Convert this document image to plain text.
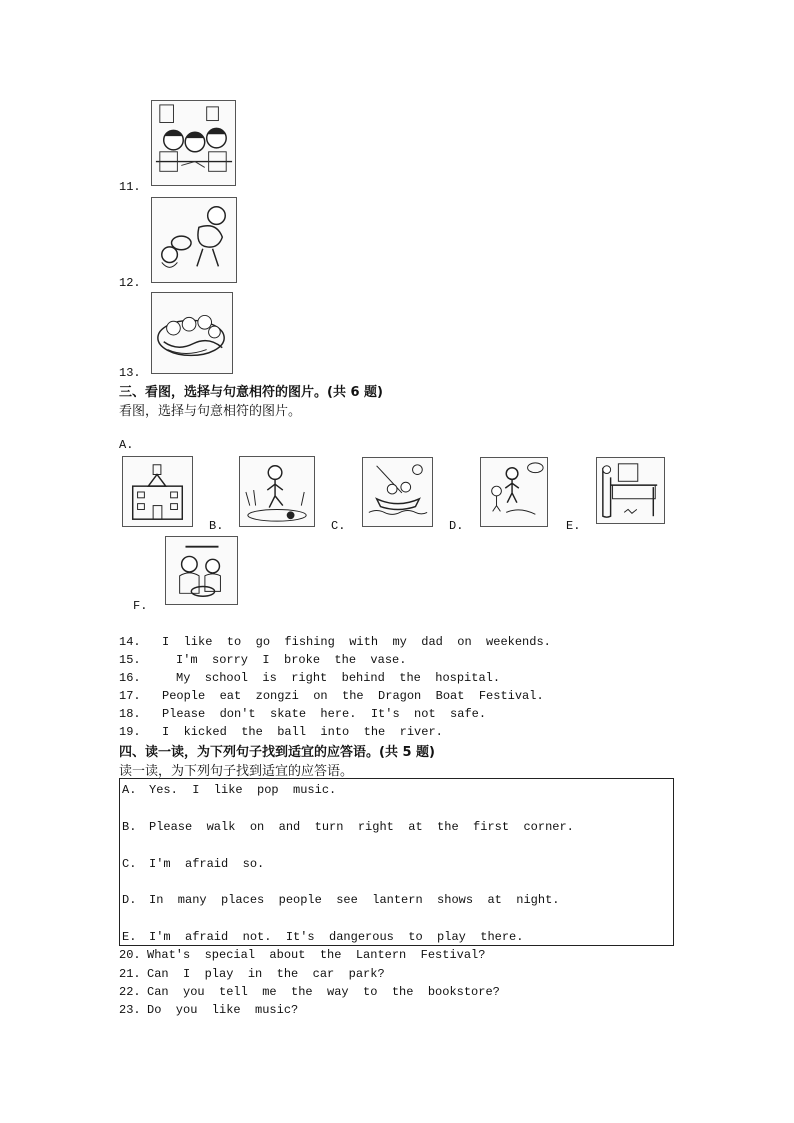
11.
12.
13.
三、看图，选择与句意相符的图片。(共 6 题)
看图，选择与句意相符的图片。
A.
B.	C.	D.	E.
F.
14. I  like  to  go  fishing  with  my  dad  on  weekends.
15.	I'm  sorry  I  broke  the  vase.
16.	My  school  is  right  behind  the  hospital.
17. People  eat  zongzi  on  the  Dragon  Boat  Festival.
18. Please  don't  skate  here.  It's  not  safe.
19. I  kicked  the  ball  into  the  river.
四、读一读，为下列句子找到适宜的应答语。(共 5 题)
读一读，为下列句子找到适宜的应答语。
A. Yes.  I  like  pop  music.
B. Please  walk  on  and  turn  right  at  the  first  corner.
C. I'm  afraid  so.
D. In  many  places  people  see  lantern  shows  at  night.
E. I'm  afraid  not.  It's  dangerous  to  play  there.
20. What's  special  about  the  Lantern  Festival?
21. Can  I  play  in  the  car  park?
22. Can  you  tell  me  the  way  to  the  bookstore?
23. Do  you  like  music?
